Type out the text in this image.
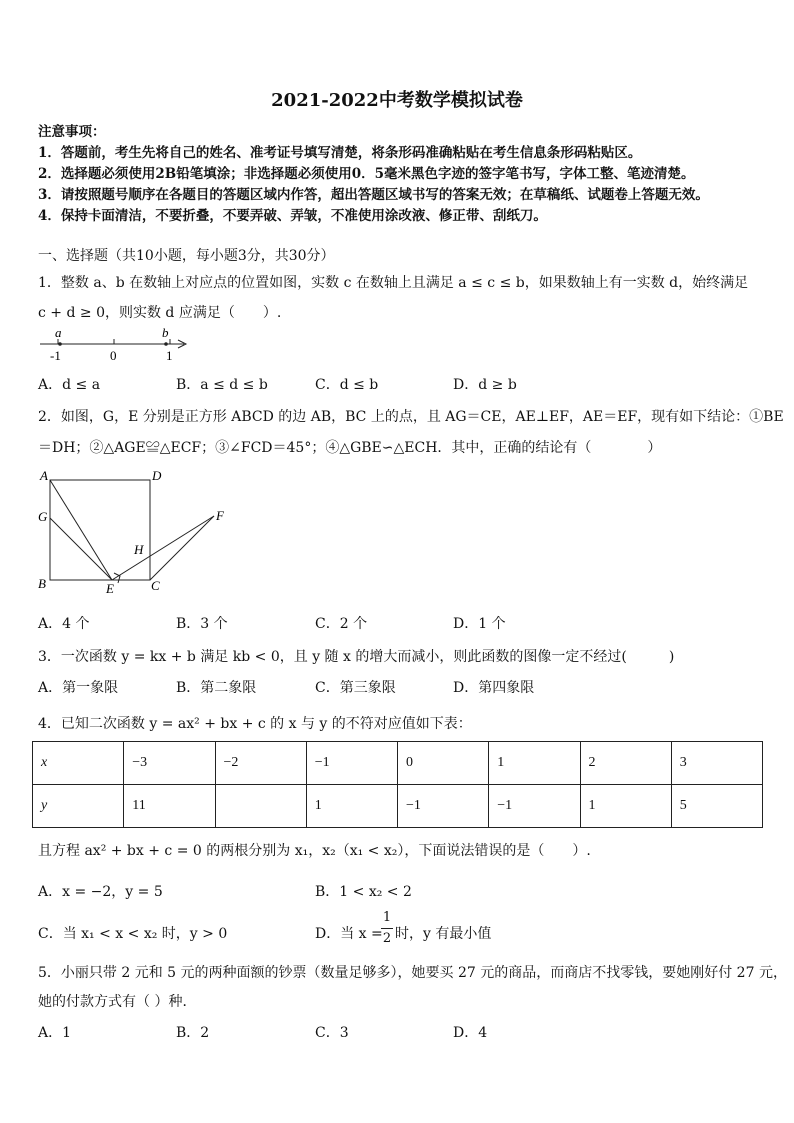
2021-2022中考数学模拟试卷
注意事项：
1．答题前，考生先将自己的姓名、准考证号填写清楚，将条形码准确粘贴在考生信息条形码粘贴区。
2．选择题必须使用2B铅笔填涂；非选择题必须使用0．5毫米黑色字迹的签字笔书写，字体工整、笔迹清楚。
3．请按照题号顺序在各题目的答题区域内作答，超出答题区域书写的答案无效；在草稿纸、试题卷上答题无效。
4．保持卡面清洁，不要折叠，不要弄破、弄皱，不准使用涂改液、修正带、刮纸刀。
一、选择题（共10小题，每小题3分，共30分）
1．整数 a、b 在数轴上对应点的位置如图，实数 c 在数轴上且满足 a ≤ c ≤ b，如果数轴上有一实数 d，始终满足
c + d ≥ 0，则实数 d 应满足（　　）.
a	b
-1	0	1
A．d ≤ a	B．a ≤ d ≤ b	C．d ≤ b	D．d ≥ b
2．如图，G，E 分别是正方形 ABCD 的边 AB，BC 上的点，且 AG＝CE，AE⊥EF，AE＝EF，现有如下结论：①BE
＝DH；②△AGE≌△ECF；③∠FCD＝45°；④△GBE∽△ECH．其中，正确的结论有（　　　　）
A	D
G	F
H
B	E	C
A．4 个	B．3 个	C．2 个	D．1 个
3．一次函数 y = kx + b 满足 kb < 0，且 y 随 x 的增大而减小，则此函数的图像一定不经过(　　　)
A．第一象限	B．第二象限	C．第三象限	D．第四象限
4．已知二次函数 y = ax² + bx + c 的 x 与 y 的不符对应值如下表：
x	−3	−2	−1	0	1	2	3
y	11		1	−1	−1	1	5
且方程 ax² + bx + c = 0 的两根分别为 x₁，x₂（x₁ < x₂），下面说法错误的是（　　）.
A．x = −2，y = 5	B．1 < x₂ < 2
C．当 x₁ < x < x₂ 时，y > 0	D．当 x =
1
2 时，y 有最小值
5．小丽只带 2 元和 5 元的两种面额的钞票（数量足够多），她要买 27 元的商品，而商店不找零钱，要她刚好付 27 元，
她的付款方式有（ ）种．
A．1	B．2	C．3	D．4
